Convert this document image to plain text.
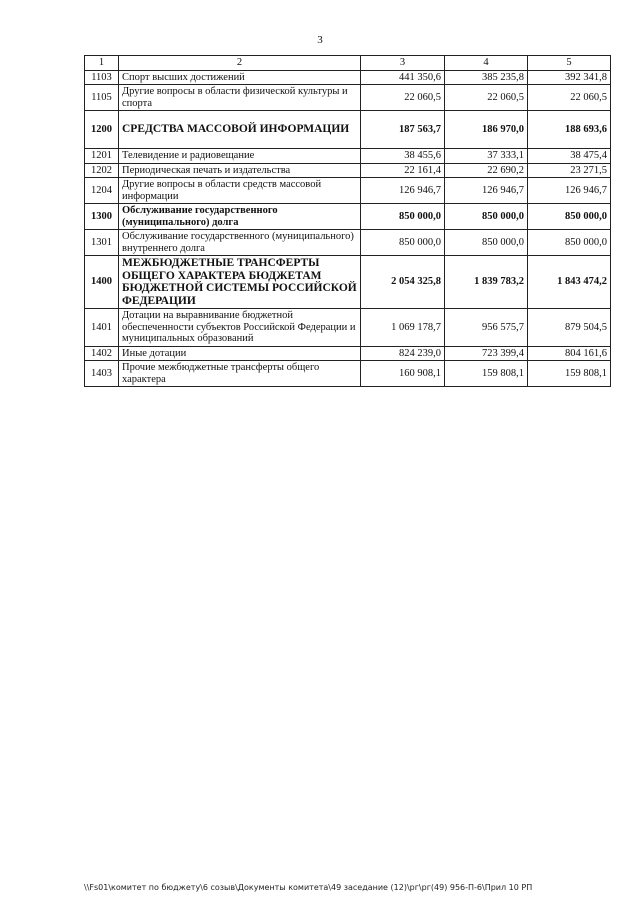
3
1	2	3	4	5
1103	Спорт высших достижений	441 350,6	385 235,8	392 341,8
1105	Другие вопросы в области физической культуры и спорта	22 060,5	22 060,5	22 060,5
1200	СРЕДСТВА МАССОВОЙ ИНФОРМАЦИИ	187 563,7	186 970,0	188 693,6
1201	Телевидение и радиовещание	38 455,6	37 333,1	38 475,4
1202	Периодическая печать и издательства	22 161,4	22 690,2	23 271,5
1204	Другие вопросы в области средств массовой информации	126 946,7	126 946,7	126 946,7
1300	Обслуживание государственного (муниципального) долга	850 000,0	850 000,0	850 000,0
1301	Обслуживание государственного (муниципального) внутреннего долга	850 000,0	850 000,0	850 000,0
1400	МЕЖБЮДЖЕТНЫЕ ТРАНСФЕРТЫ ОБЩЕГО ХАРАКТЕРА БЮДЖЕТАМ БЮДЖЕТНОЙ СИСТЕМЫ РОССИЙСКОЙ ФЕДЕРАЦИИ	2 054 325,8	1 839 783,2	1 843 474,2
1401	Дотации на выравнивание бюджетной обеспеченности субъектов Российской Федерации и муниципальных образований	1 069 178,7	956 575,7	879 504,5
1402	Иные дотации	824 239,0	723 399,4	804 161,6
1403	Прочие межбюджетные трансферты общего характера	160 908,1	159 808,1	159 808,1
\\Fs01\комитет по бюджету\6 созыв\Документы комитета\49 заседание (12)\рг\рг(49) 956-П-6\Прил 10 РП
